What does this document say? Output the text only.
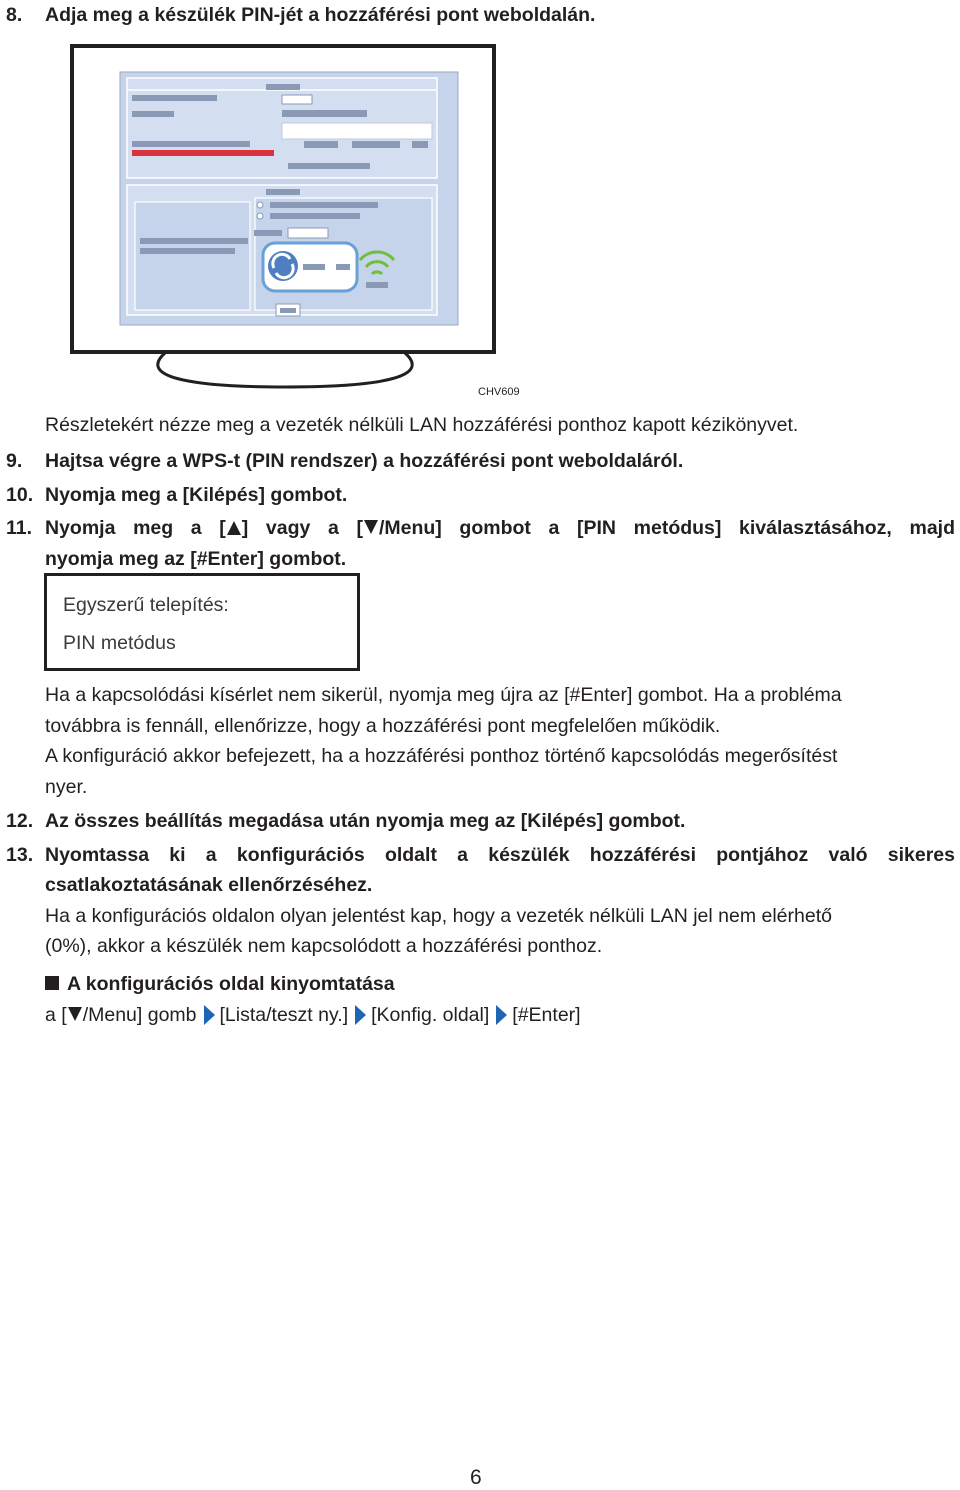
8. Adja meg a készülék PIN-jét a hozzáférési pont weboldalán.
CHV609
Részletekért nézze meg a vezeték nélküli LAN hozzáférési ponthoz kapott kézikönyvet.
9. Hajtsa végre a WPS-t (PIN rendszer) a hozzáférési pont weboldaláról.
10. Nyomja meg a [Kilépés] gombot.
11. Nyomja meg a [ ] vagy a [ /Menu] gombot a [PIN metódus] kiválasztásához, majd
nyomja meg az [#Enter] gombot.
Egyszerű telepítés:
PIN metódus
Ha a kapcsolódási kísérlet nem sikerül, nyomja meg újra az [#Enter] gombot. Ha a probléma
továbbra is fennáll, ellenőrizze, hogy a hozzáférési pont megfelelően működik.
A konfiguráció akkor befejezett, ha a hozzáférési ponthoz történő kapcsolódás megerősítést
nyer.
12. Az összes beállítás megadása után nyomja meg az [Kilépés] gombot.
13. Nyomtassa ki a konfigurációs oldalt a készülék hozzáférési pontjához való sikeres
csatlakoztatásának ellenőrzéséhez.
Ha a konfigurációs oldalon olyan jelentést kap, hogy a vezeték nélküli LAN jel nem elérhető
(0%), akkor a készülék nem kapcsolódott a hozzáférési ponthoz.
A konfigurációs oldal kinyomtatása
a [ /Menu] gomb [Lista/teszt ny.] [Konfig. oldal] [#Enter]
6
